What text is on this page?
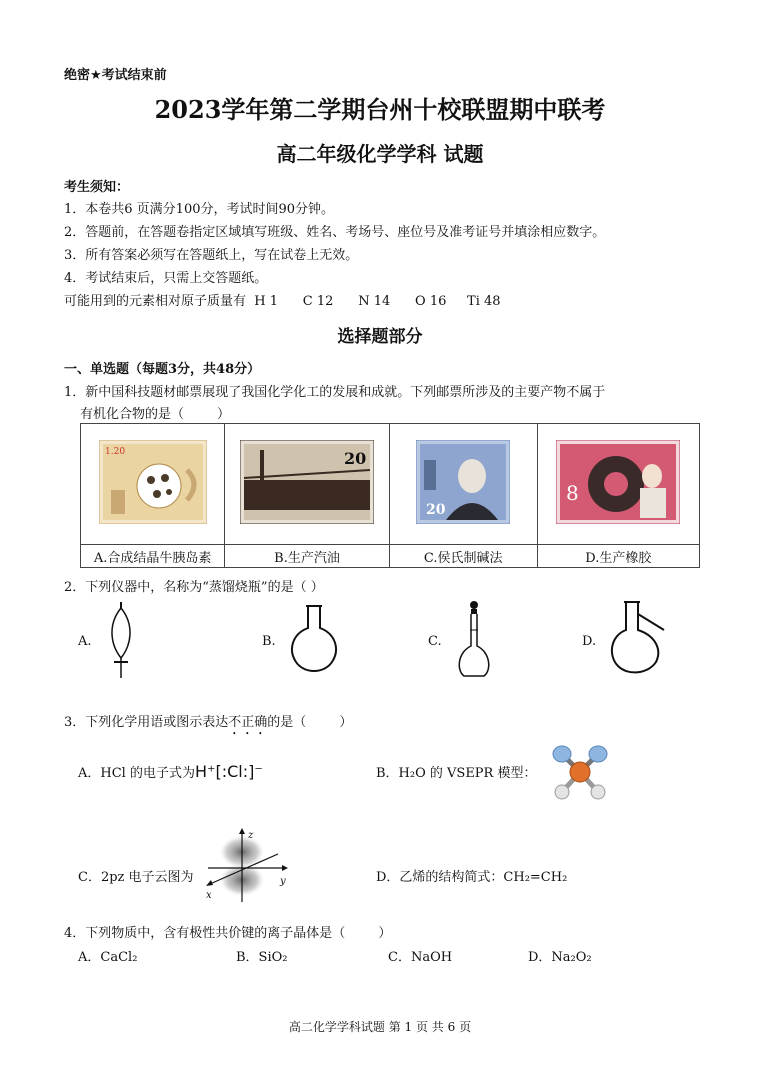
绝密★考试结束前
2023学年第二学期台州十校联盟期中联考
高二年级化学学科 试题
考生须知：
1．本卷共6 页满分100分，考试时间90分钟。
2．答题前，在答题卷指定区域填写班级、姓名、考场号、座位号及准考证号并填涂相应数字。
3．所有答案必须写在答题纸上，写在试卷上无效。
4．考试结束后，只需上交答题纸。
可能用到的元素相对原子质量有  H 1      C 12      N 14      O 16     Ti 48
选择题部分
一、单选题（每题3分，共48分）
1．新中国科技题材邮票展现了我国化学化工的发展和成就。下列邮票所涉及的主要产物不属于
有机化合物的是（        ）
1.20	20	20	8

A.合成结晶牛胰岛素	B.生产汽油	C.侯氏制碱法	D.生产橡胶
2．下列仪器中，名称为“蒸馏烧瓶”的是（ ）
A.	B.	C.	D.
3．下列化学用语或图示表达不正确的是（        ）
A．HCl 的电子式为H⁺[:Cl:]⁻	B．H₂O 的 VSEPR 模型：
C．2pz 电子云图为
z
y
x
D．乙烯的结构简式：CH₂=CH₂
4．下列物质中，含有极性共价键的离子晶体是（        ）
A．CaCl₂	B．SiO₂	C．NaOH	D．Na₂O₂
高二化学学科试题 第 1 页 共 6 页
